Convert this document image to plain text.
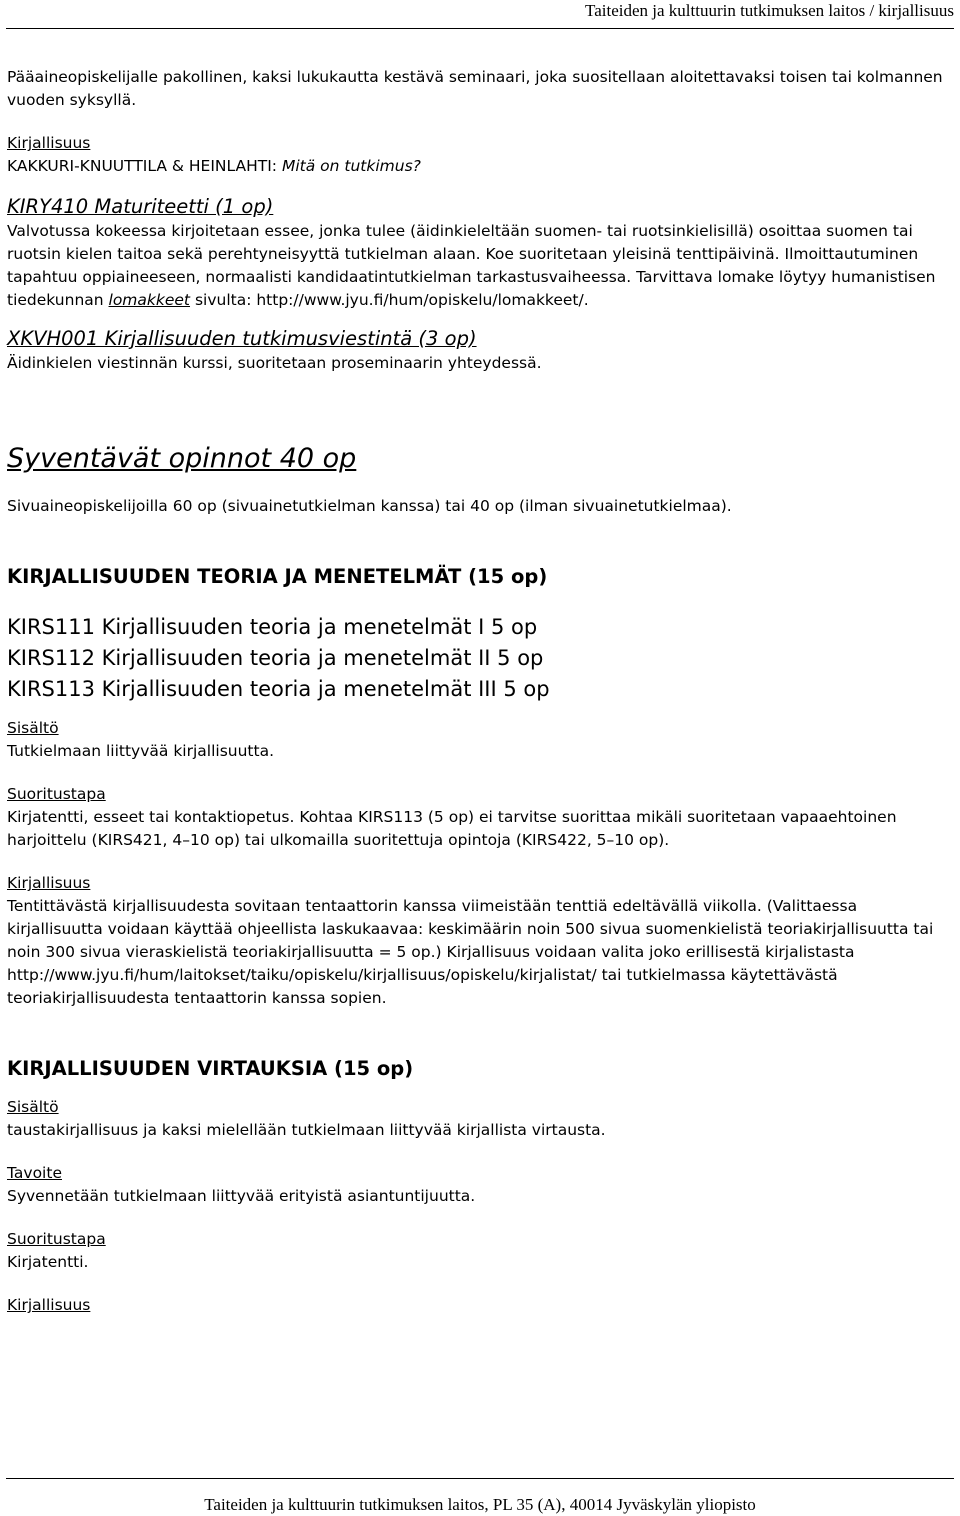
Taiteiden ja kulttuurin tutkimuksen laitos / kirjallisuus

Pääaineopiskelijalle pakollinen, kaksi lukukautta kestävä seminaari, joka suositellaan aloitettavaksi toisen tai kolmannen vuoden syksyllä.

Kirjallisuus

KAKKURI-KNUUTTILA & HEINLAHTI: Mitä on tutkimus?

KIRY410 Maturiteetti (1 op)

Valvotussa kokeessa kirjoitetaan essee, jonka tulee (äidinkieleltään suomen- tai ruotsinkielisillä) osoittaa suomen tai ruotsin kielen taitoa sekä perehtyneisyyttä tutkielman alaan. Koe suoritetaan yleisinä tenttipäivinä. Ilmoittautuminen tapahtuu oppiaineeseen, normaalisti kandidaatintutkielman tarkastusvaiheessa. Tarvittava lomake löytyy humanistisen tiedekunnan lomakkeet sivulta: http://www.jyu.fi/hum/opiskelu/lomakkeet/.

XKVH001 Kirjallisuuden tutkimusviestintä (3 op)

Äidinkielen viestinnän kurssi, suoritetaan proseminaarin yhteydessä.

Syventävät opinnot 40 op

Sivuaineopiskelijoilla 60 op (sivuainetutkielman kanssa) tai 40 op (ilman sivuainetutkielmaa).

KIRJALLISUUDEN TEORIA JA MENETELMÄT (15 op)

KIRS111 Kirjallisuuden teoria ja menetelmät I 5 op

KIRS112 Kirjallisuuden teoria ja menetelmät II 5 op

KIRS113 Kirjallisuuden teoria ja menetelmät III 5 op

Sisältö

Tutkielmaan liittyvää kirjallisuutta.

Suoritustapa

Kirjatentti, esseet tai kontaktiopetus. Kohtaa KIRS113 (5 op) ei tarvitse suorittaa mikäli suoritetaan vapaaehtoinen harjoittelu (KIRS421, 4–10 op) tai ulkomailla suoritettuja opintoja (KIRS422, 5–10 op).

Kirjallisuus

Tentittävästä kirjallisuudesta sovitaan tentaattorin kanssa viimeistään tenttiä edeltävällä viikolla. (Valittaessa kirjallisuutta voidaan käyttää ohjeellista laskukaavaa: keskimäärin noin 500 sivua suomenkielistä teoriakirjallisuutta tai noin 300 sivua vieraskielistä teoriakirjallisuutta = 5 op.) Kirjallisuus voidaan valita joko erillisestä kirjalistasta http://www.jyu.fi/hum/laitokset/taiku/opiskelu/kirjallisuus/opiskelu/kirjalistat/ tai tutkielmassa käytettävästä teoriakirjallisuudesta tentaattorin kanssa sopien.

KIRJALLISUUDEN VIRTAUKSIA (15 op)

Sisältö

taustakirjallisuus ja kaksi mielellään tutkielmaan liittyvää kirjallista virtausta.

Tavoite

Syvennetään tutkielmaan liittyvää erityistä asiantuntijuutta.

Suoritustapa

Kirjatentti.

Kirjallisuus

Taiteiden ja kulttuurin tutkimuksen laitos, PL 35 (A), 40014 Jyväskylän yliopisto
